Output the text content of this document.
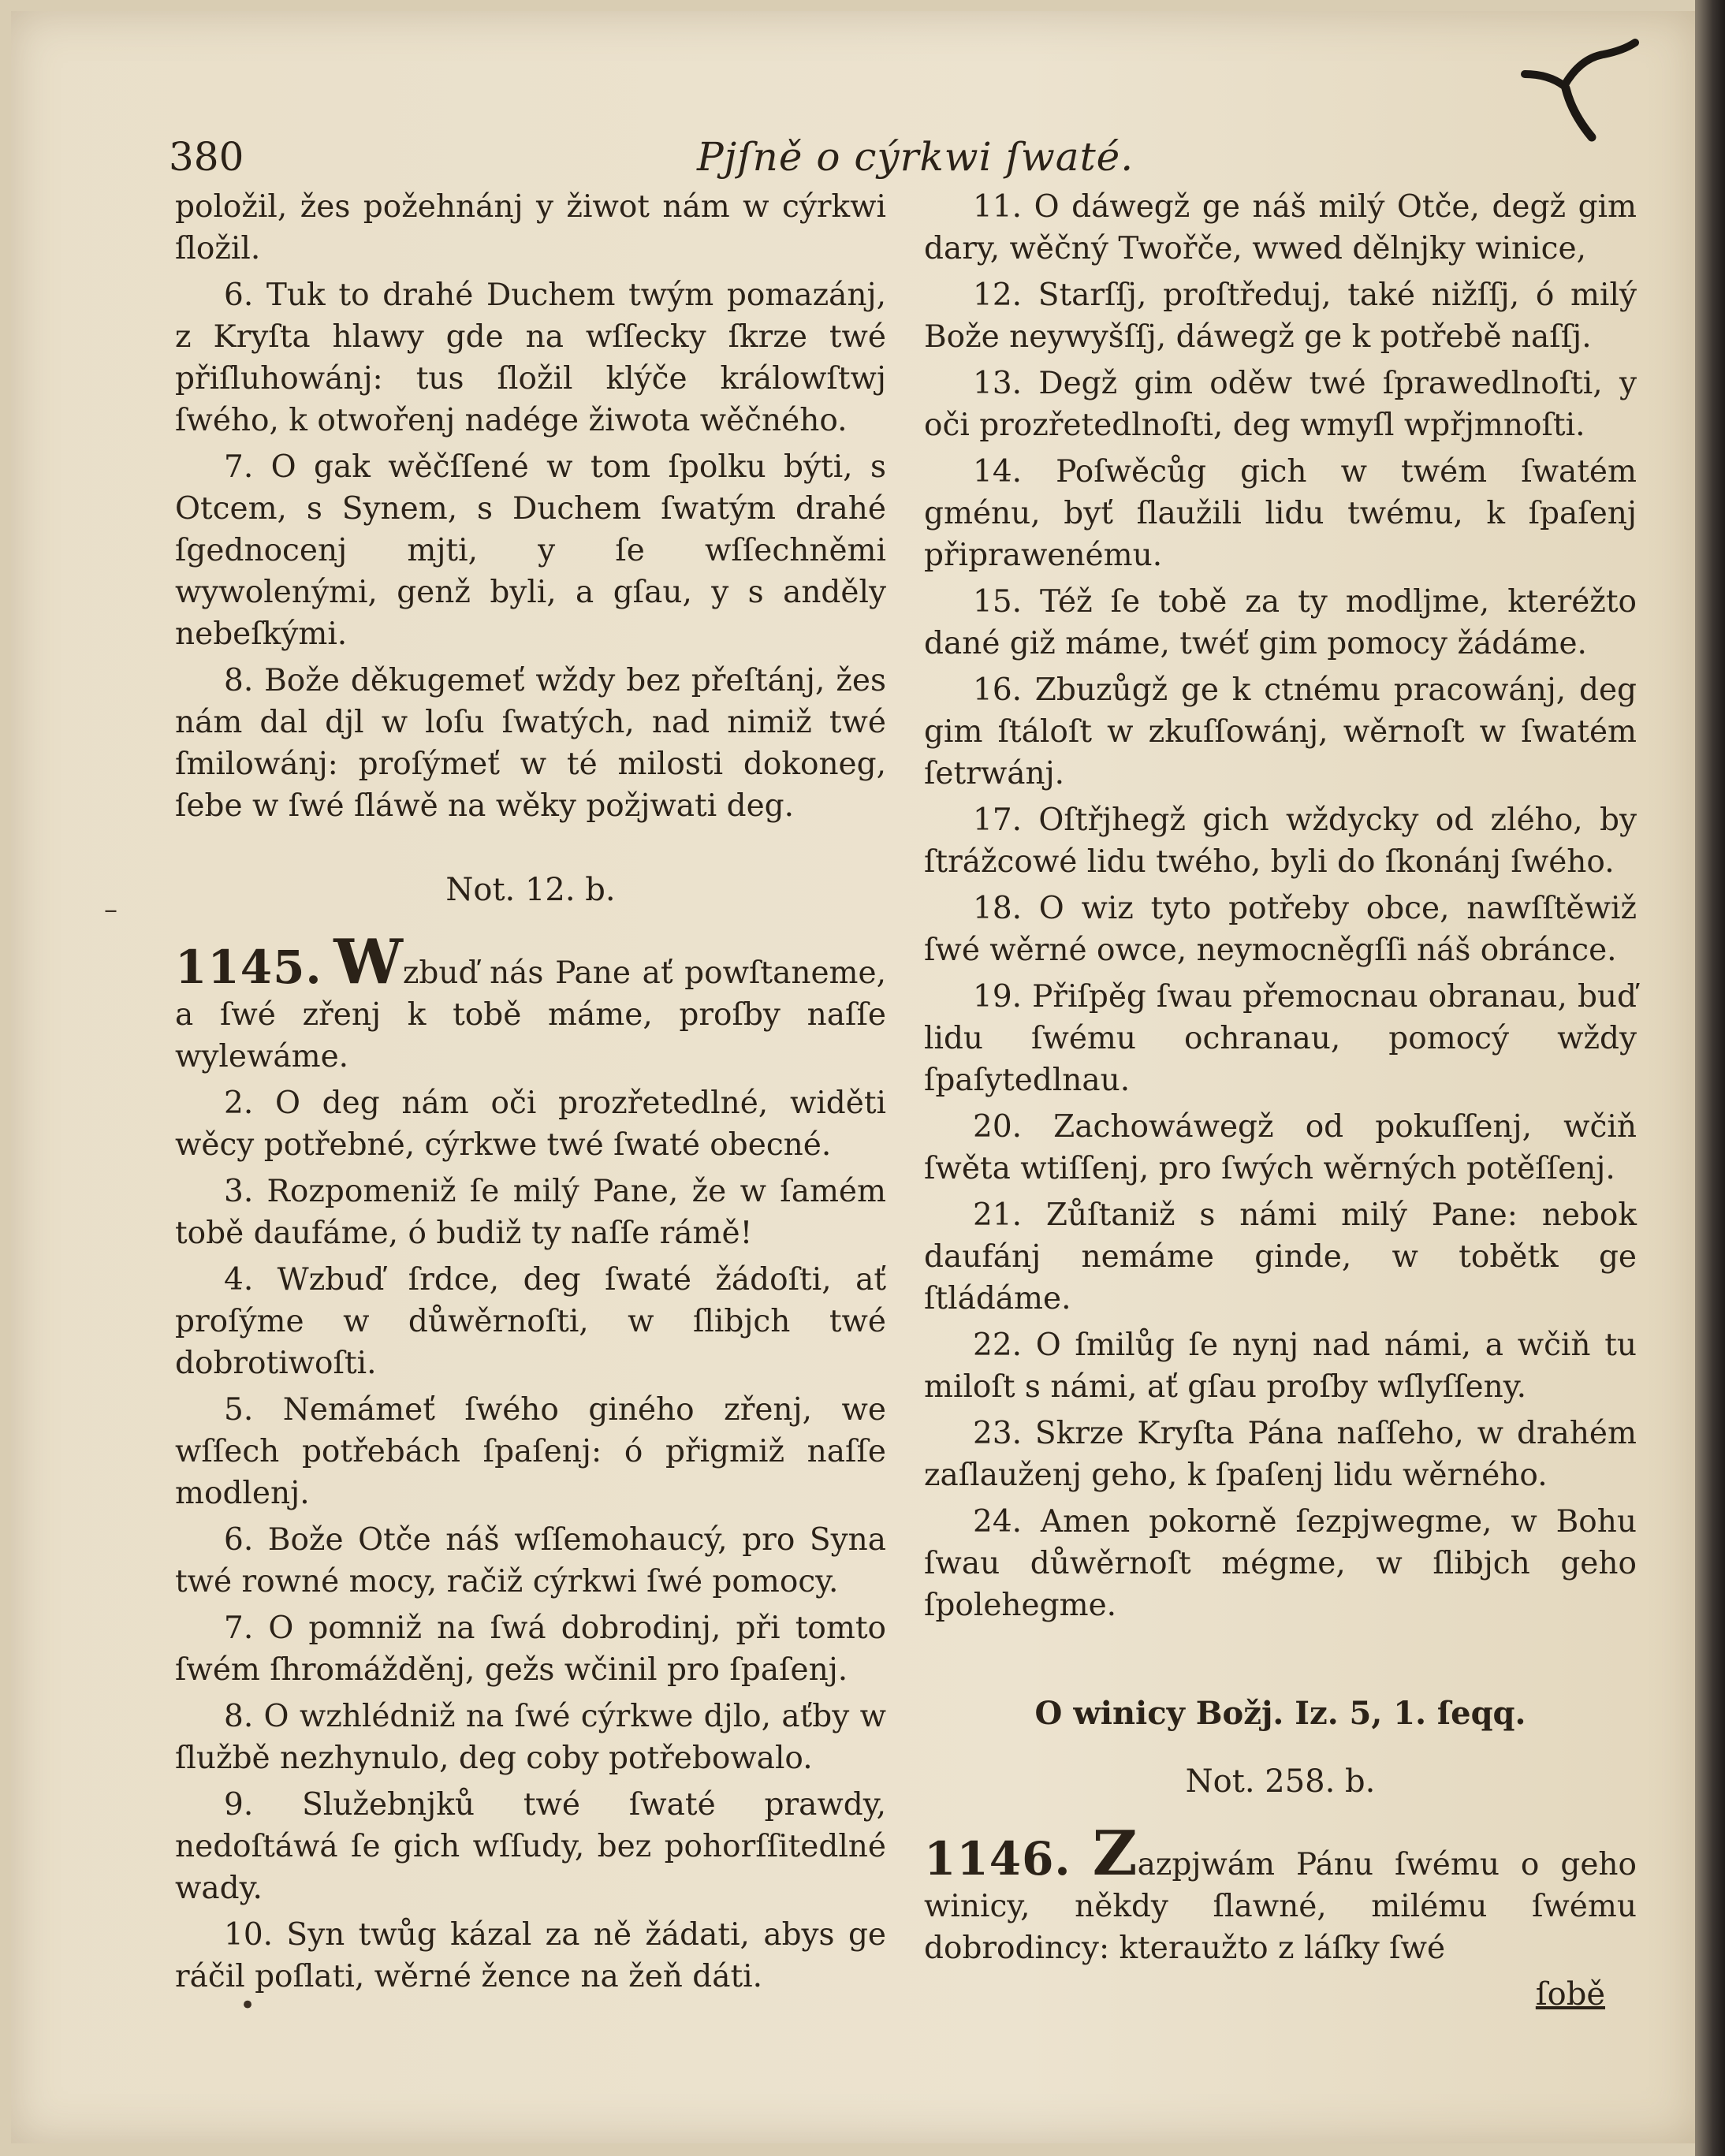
380	Pjſně o cýrkwi ſwaté.

položil, žes požehnánj y žiwot nám w cýrkwi ſložil.

6. Tuk to drahé Duchem twým pomazánj, z Kryſta hlawy gde na wſſecky ſkrze twé přiſluhowánj: tus ſložil klýče králowſtwj ſwého, k otwořenj nadége žiwota wěčného.

7. O gak wěčſſené w tom ſpolku býti, s Otcem, s Synem, s Duchem ſwatým drahé ſgednocenj mjti, y ſe wſſechněmi wywolenými, genž byli, a gſau, y s anděly nebeſkými.

8. Bože děkugemeť wždy bez přeſtánj, žes nám dal djl w loſu ſwatých, nad nimiž twé ſmilowánj: proſýmeť w té milosti dokoneg, ſebe w ſwé ſláwě na wěky požjwati deg.

Not. 12. b.

1145. Wzbuď nás Pane ať powſtaneme, a ſwé zřenj k tobě máme, proſby naſſe wylewáme.

2. O deg nám oči prozřetedlné, widěti wěcy potřebné, cýrkwe twé ſwaté obecné.

3. Rozpomeniž ſe milý Pane, že w ſamém tobě daufáme, ó budiž ty naſſe rámě!

4. Wzbuď ſrdce, deg ſwaté žádoſti, ať proſýme w důwěrnoſti, w ſlibjch twé dobrotiwoſti.

5. Nemámeť ſwého giného zřenj, we wſſech potřebách ſpaſenj: ó přigmiž naſſe modlenj.

6. Bože Otče náš wſſemohaucý, pro Syna twé rowné mocy, račiž cýrkwi ſwé pomocy.

7. O pomniž na ſwá dobrodinj, při tomto ſwém ſhromážděnj, gežs wčinil pro ſpaſenj.

8. O wzhlédniž na ſwé cýrkwe djlo, aťby w ſlužbě nezhynulo, deg coby potřebowalo.

9. Služebnjků twé ſwaté prawdy, nedoſtáwá ſe gich wſſudy, bez pohorſſitedlné wady.

10. Syn twůg kázal za ně žádati, abys ge ráčil poſlati, wěrné žence na žeň dáti.

11. O dáwegž ge náš milý Otče, degž gim dary, wěčný Twořče, wwed dělnjky winice,

12. Starſſj, proſtředuj, také nižſſj, ó milý Bože neywyšſſj, dáwegž ge k potřebě naſſj.

13. Degž gim oděw twé ſprawedlnoſti, y oči prozřetedlnoſti, deg wmyſl wpřjmnoſti.

14. Poſwěcůg gich w twém ſwatém gménu, byť ſlaužili lidu twému, k ſpaſenj připrawenému.

15. Též ſe tobě za ty modljme, kteréžto dané giž máme, twéť gim pomocy žádáme.

16. Zbuzůgž ge k ctnému pracowánj, deg gim ſtáloſt w zkuſſowánj, wěrnoſt w ſwatém ſetrwánj.

17. Oſtřjhegž gich wždycky od zlého, by ſtrážcowé lidu twého, byli do ſkonánj ſwého.

18. O wiz tyto potřeby obce, nawſſtěwiž ſwé wěrné owce, neymocněgſſi náš obránce.

19. Přiſpěg ſwau přemocnau obranau, buď lidu ſwému ochranau, pomocý wždy ſpaſytedlnau.

20. Zachowáwegž od pokuſſenj, wčiň ſwěta wtiſſenj, pro ſwých wěrných potěſſenj.

21. Zůſtaniž s námi milý Pane: nebok daufánj nemáme ginde, w tobětk ge ſtládáme.

22. O ſmilůg ſe nynj nad námi, a wčiň tu miloſt s námi, ať gſau proſby wſlyſſeny.

23. Skrze Kryſta Pána naſſeho, w drahém zaſlauženj geho, k ſpaſenj lidu wěrného.

24. Amen pokorně ſezpjwegme, w Bohu ſwau důwěrnoſt mégme, w ſlibjch geho ſpolehegme.

O winicy Božj. Iz. 5, 1. ſeqq.
Not. 258. b.

1146. Zazpjwám Pánu ſwému o geho winicy, někdy ſlawné, milému ſwému dobrodincy: kteraužto z láſky ſwé

ſobě
–
•
